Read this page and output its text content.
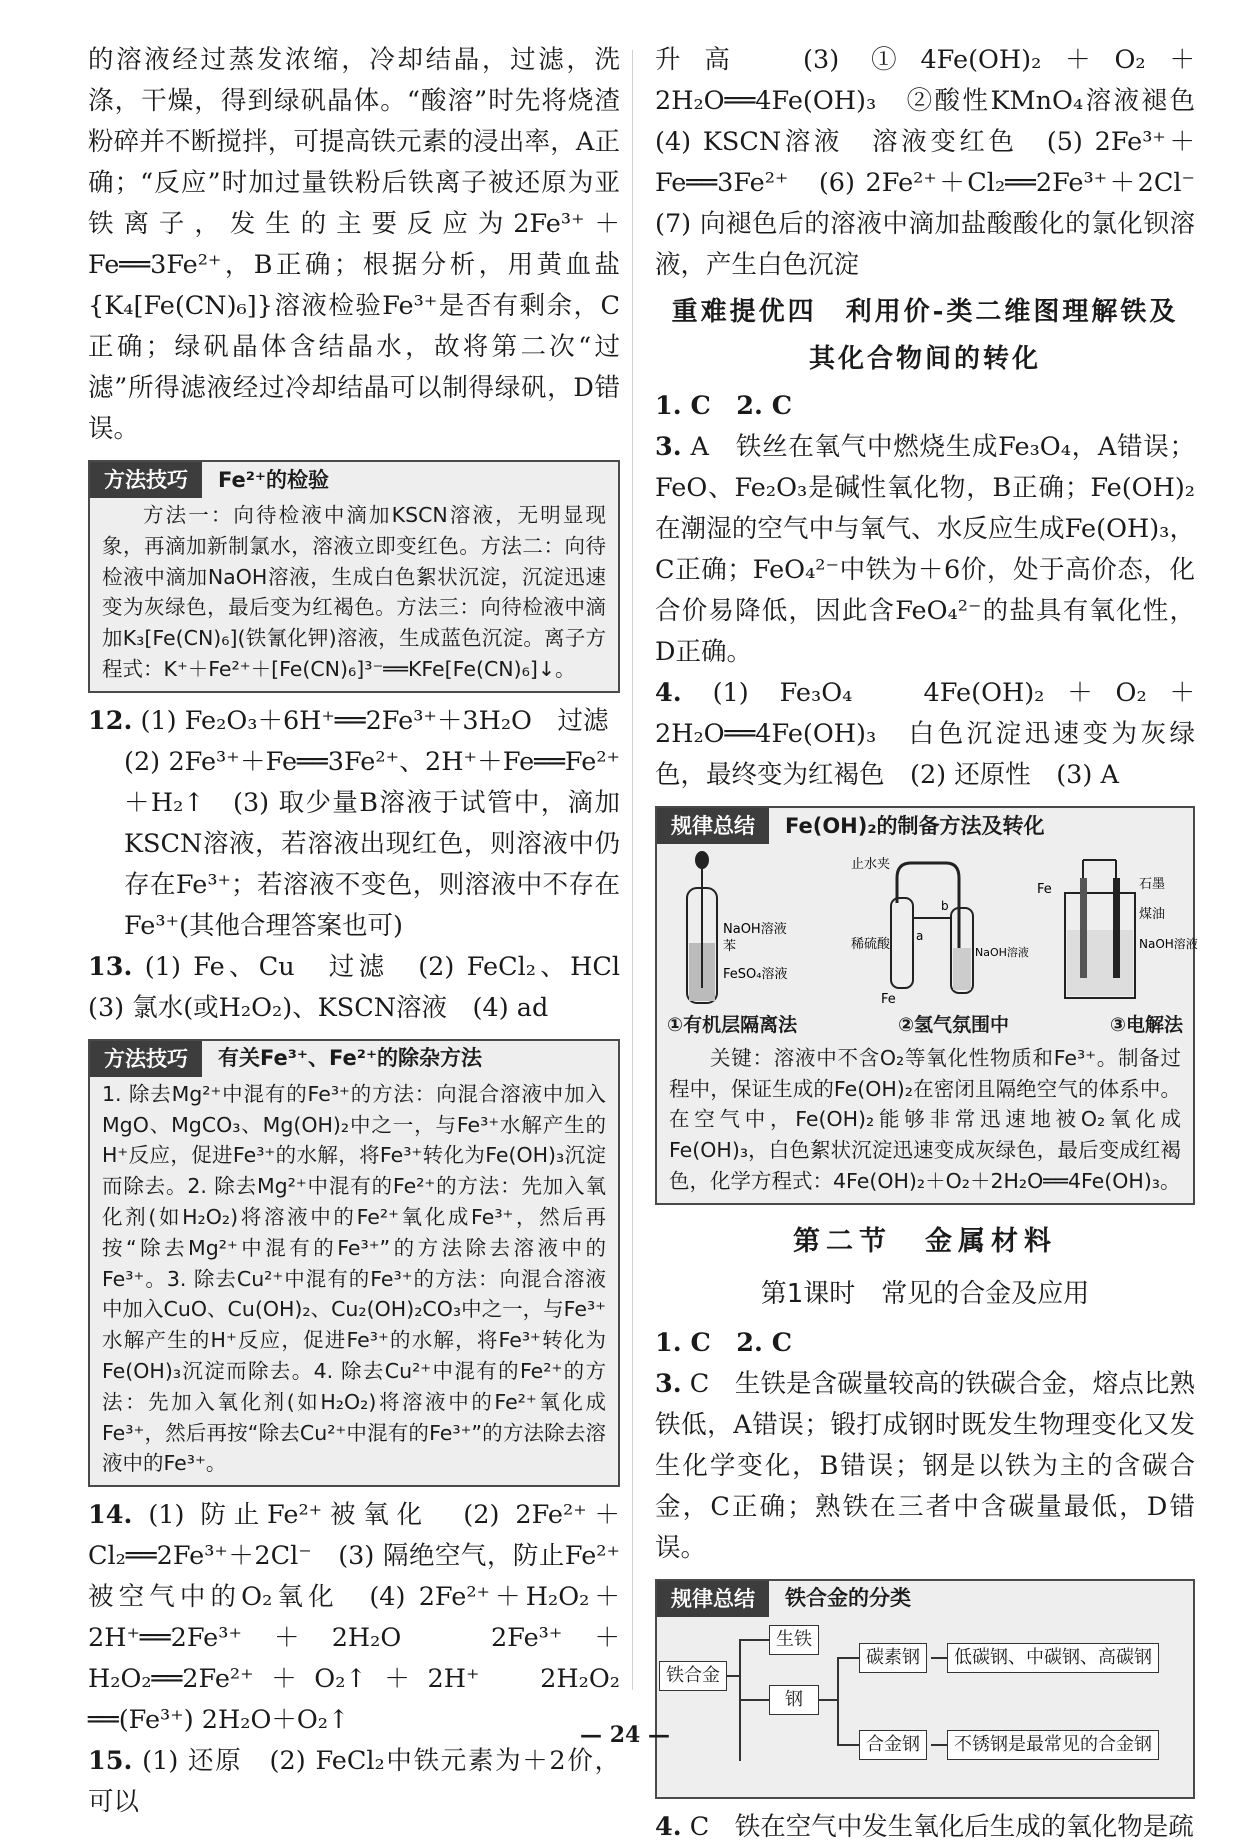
的溶液经过蒸发浓缩，冷却结晶，过滤，洗涤，干燥，得到绿矾晶体。“酸溶”时先将烧渣粉碎并不断搅拌，可提高铁元素的浸出率，A正确；“反应”时加过量铁粉后铁离子被还原为亚铁离子，发生的主要反应为2Fe³⁺＋Fe══3Fe²⁺，B正确；根据分析，用黄血盐{K₄[Fe(CN)₆]}溶液检验Fe³⁺是否有剩余，C正确；绿矾晶体含结晶水，故将第二次“过滤”所得滤液经过冷却结晶可以制得绿矾，D错误。

方法技巧	Fe²⁺的检验
方法一：向待检液中滴加KSCN溶液，无明显现象，再滴加新制氯水，溶液立即变红色。方法二：向待检液中滴加NaOH溶液，生成白色絮状沉淀，沉淀迅速变为灰绿色，最后变为红褐色。方法三：向待检液中滴加K₃[Fe(CN)₆](铁氰化钾)溶液，生成蓝色沉淀。离子方程式：K⁺＋Fe²⁺＋[Fe(CN)₆]³⁻══KFe[Fe(CN)₆]↓。

12. (1) Fe₂O₃＋6H⁺══2Fe³⁺＋3H₂O　过滤

(2) 2Fe³⁺＋Fe══3Fe²⁺、2H⁺＋Fe══Fe²⁺＋H₂↑　(3) 取少量B溶液于试管中，滴加KSCN溶液，若溶液出现红色，则溶液中仍存在Fe³⁺；若溶液不变色，则溶液中不存在Fe³⁺(其他合理答案也可)

13. (1) Fe、Cu　过滤　(2) FeCl₂、HCl　(3) 氯水(或H₂O₂)、KSCN溶液　(4) ad

方法技巧	有关Fe³⁺、Fe²⁺的除杂方法
1. 除去Mg²⁺中混有的Fe³⁺的方法：向混合溶液中加入MgO、MgCO₃、Mg(OH)₂中之一，与Fe³⁺水解产生的H⁺反应，促进Fe³⁺的水解，将Fe³⁺转化为Fe(OH)₃沉淀而除去。2. 除去Mg²⁺中混有的Fe²⁺的方法：先加入氧化剂(如H₂O₂)将溶液中的Fe²⁺氧化成Fe³⁺，然后再按“除去Mg²⁺中混有的Fe³⁺”的方法除去溶液中的Fe³⁺。3. 除去Cu²⁺中混有的Fe³⁺的方法：向混合溶液中加入CuO、Cu(OH)₂、Cu₂(OH)₂CO₃中之一，与Fe³⁺水解产生的H⁺反应，促进Fe³⁺的水解，将Fe³⁺转化为Fe(OH)₃沉淀而除去。4. 除去Cu²⁺中混有的Fe²⁺的方法：先加入氧化剂(如H₂O₂)将溶液中的Fe²⁺氧化成Fe³⁺，然后再按“除去Cu²⁺中混有的Fe³⁺”的方法除去溶液中的Fe³⁺。

14. (1) 防止Fe²⁺被氧化　(2) 2Fe²⁺＋Cl₂══2Fe³⁺＋2Cl⁻　(3) 隔绝空气，防止Fe²⁺被空气中的O₂氧化　(4) 2Fe²⁺＋H₂O₂＋2H⁺══2Fe³⁺＋2H₂O　2Fe³⁺＋H₂O₂══2Fe²⁺＋O₂↑＋2H⁺　2H₂O₂ ══(Fe³⁺) 2H₂O＋O₂↑

15. (1) 还原　(2) FeCl₂中铁元素为＋2价，可以

升高　(3) ①4Fe(OH)₂＋O₂＋2H₂O══4Fe(OH)₃　②酸性KMnO₄溶液褪色　(4) KSCN溶液　溶液变红色　(5) 2Fe³⁺＋Fe══3Fe²⁺　(6) 2Fe²⁺＋Cl₂══2Fe³⁺＋2Cl⁻　(7) 向褪色后的溶液中滴加盐酸酸化的氯化钡溶液，产生白色沉淀

重难提优四　利用价-类二维图理解铁及
其化合物间的转化

1. C　2. C

3. A　铁丝在氧气中燃烧生成Fe₃O₄，A错误；FeO、Fe₂O₃是碱性氧化物，B正确；Fe(OH)₂在潮湿的空气中与氧气、水反应生成Fe(OH)₃，C正确；FeO₄²⁻中铁为＋6价，处于高价态，化合价易降低，因此含FeO₄²⁻的盐具有氧化性，D正确。

4. (1) Fe₃O₄　4Fe(OH)₂＋O₂＋2H₂O══4Fe(OH)₃　白色沉淀迅速变为灰绿色，最终变为红褐色　(2) 还原性　(3) A

规律总结	Fe(OH)₂的制备方法及转化
NaOH溶液
苯
FeSO₄溶液
止水夹
稀硫酸
Fe
a
b
NaOH溶液
Fe	石墨
煤油
NaOH溶液
①有机层隔离法	②氢气氛围中	③电解法
关键：溶液中不含O₂等氧化性物质和Fe³⁺。制备过程中，保证生成的Fe(OH)₂在密闭且隔绝空气的体系中。在空气中，Fe(OH)₂能够非常迅速地被O₂氧化成Fe(OH)₃，白色絮状沉淀迅速变成灰绿色，最后变成红褐色，化学方程式：4Fe(OH)₂＋O₂＋2H₂O══4Fe(OH)₃。
第二节　金属材料
第1课时　常见的合金及应用

1. C　2. C

3. C　生铁是含碳量较高的铁碳合金，熔点比熟铁低，A错误；锻打成钢时既发生物理变化又发生化学变化，B错误；钢是以铁为主的含碳合金，C正确；熟铁在三者中含碳量最低，D错误。

规律总结	铁合金的分类
铁合金
生铁
钢
碳素钢	低碳钢、中碳钢、高碳钢
合金钢	不锈钢是最常见的合金钢

4. C　铁在空气中发生氧化后生成的氧化物是疏

— 24 —
